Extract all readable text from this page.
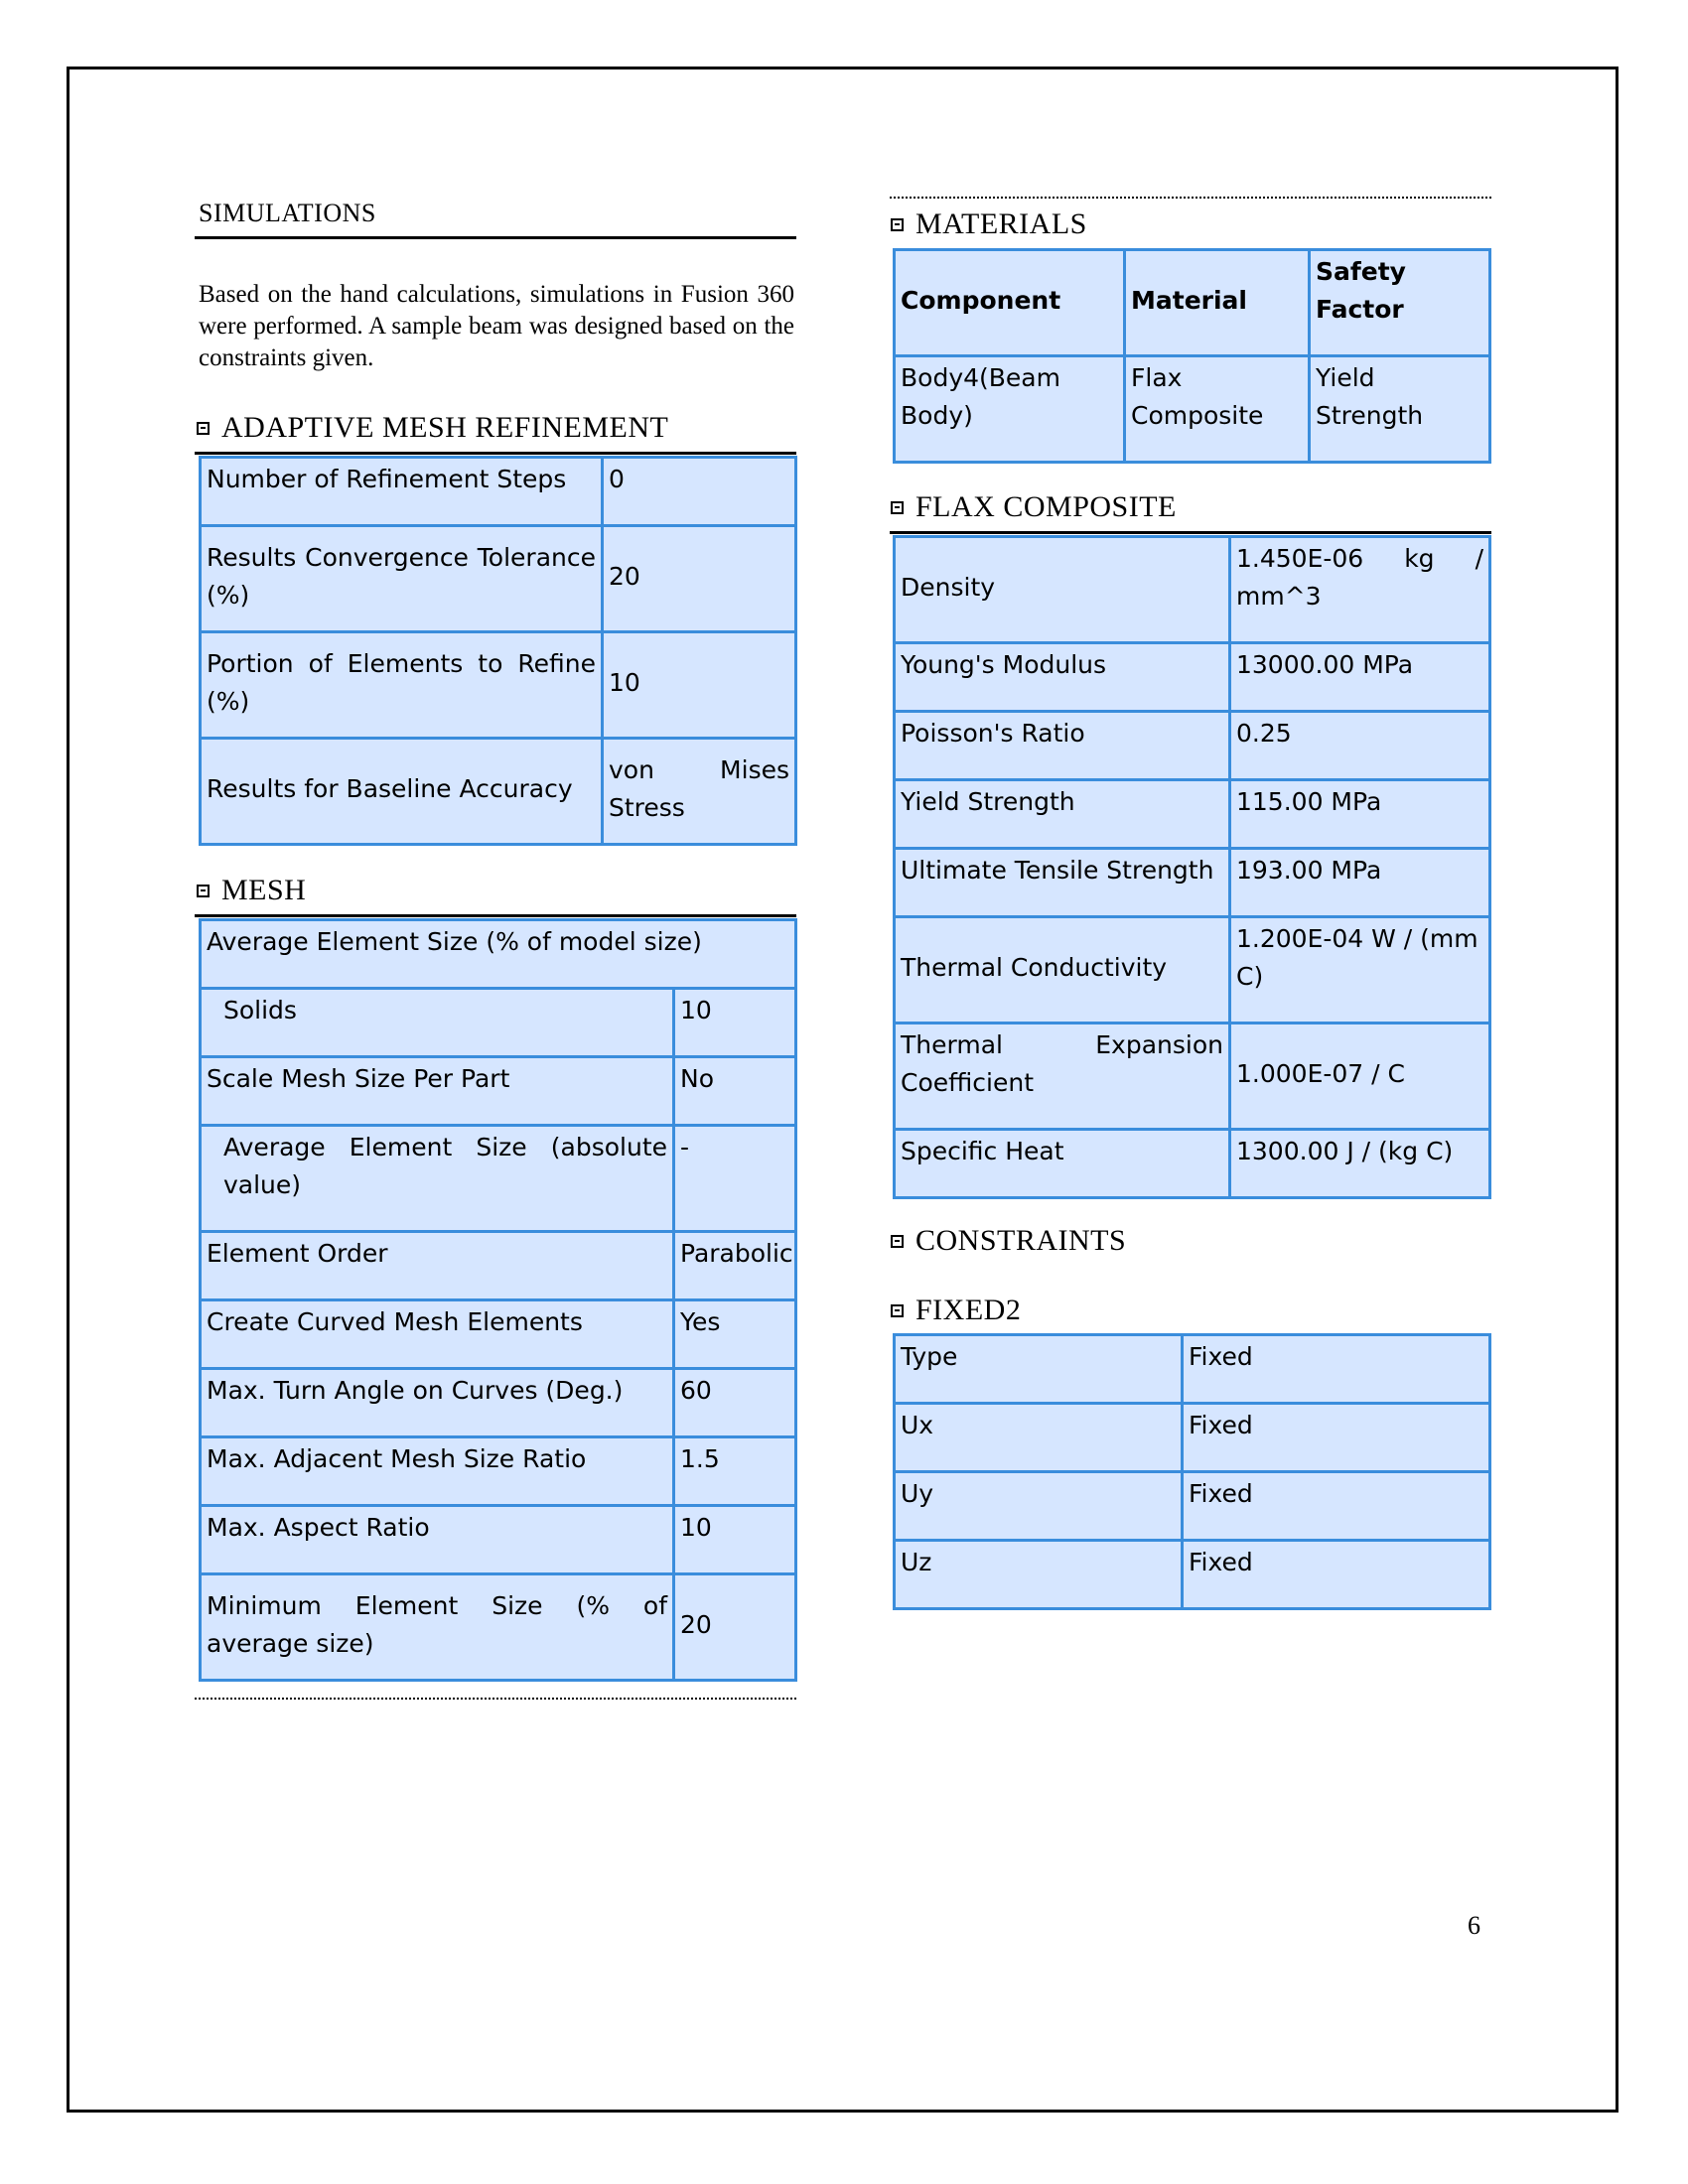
SIMULATIONS
Based on the hand calculations, simulations in Fusion 360 were performed. A sample beam was designed based on the constraints given.
ADAPTIVE MESH REFINEMENT
Number of Refinement Steps	0
Results Convergence Tolerance (%)	20
Portion of Elements to Refine (%)	10
Results for Baseline Accuracy	von Mises Stress
MESH
Average Element Size (% of model size)	
Solids	10
Scale Mesh Size Per Part	No
Average Element Size (absolute value)	-
Element Order	Parabolic
Create Curved Mesh Elements	Yes
Max. Turn Angle on Curves (Deg.)	60
Max. Adjacent Mesh Size Ratio	1.5
Max. Aspect Ratio	10
Minimum Element Size (% of average size)	20
MATERIALS
Component	Material	Safety Factor
Body4(Beam Body)	Flax Composite	Yield Strength
FLAX COMPOSITE
Density	1.450E-06 kg / mm^3
Young's Modulus	13000.00 MPa
Poisson's Ratio	0.25
Yield Strength	115.00 MPa
Ultimate Tensile Strength	193.00 MPa
Thermal Conductivity	1.200E-04 W / (mm C)
Thermal Expansion Coefficient	1.000E-07 / C
Specific Heat	1300.00 J / (kg C)
CONSTRAINTS
FIXED2
Type	Fixed
Ux	Fixed
Uy	Fixed
Uz	Fixed
6
